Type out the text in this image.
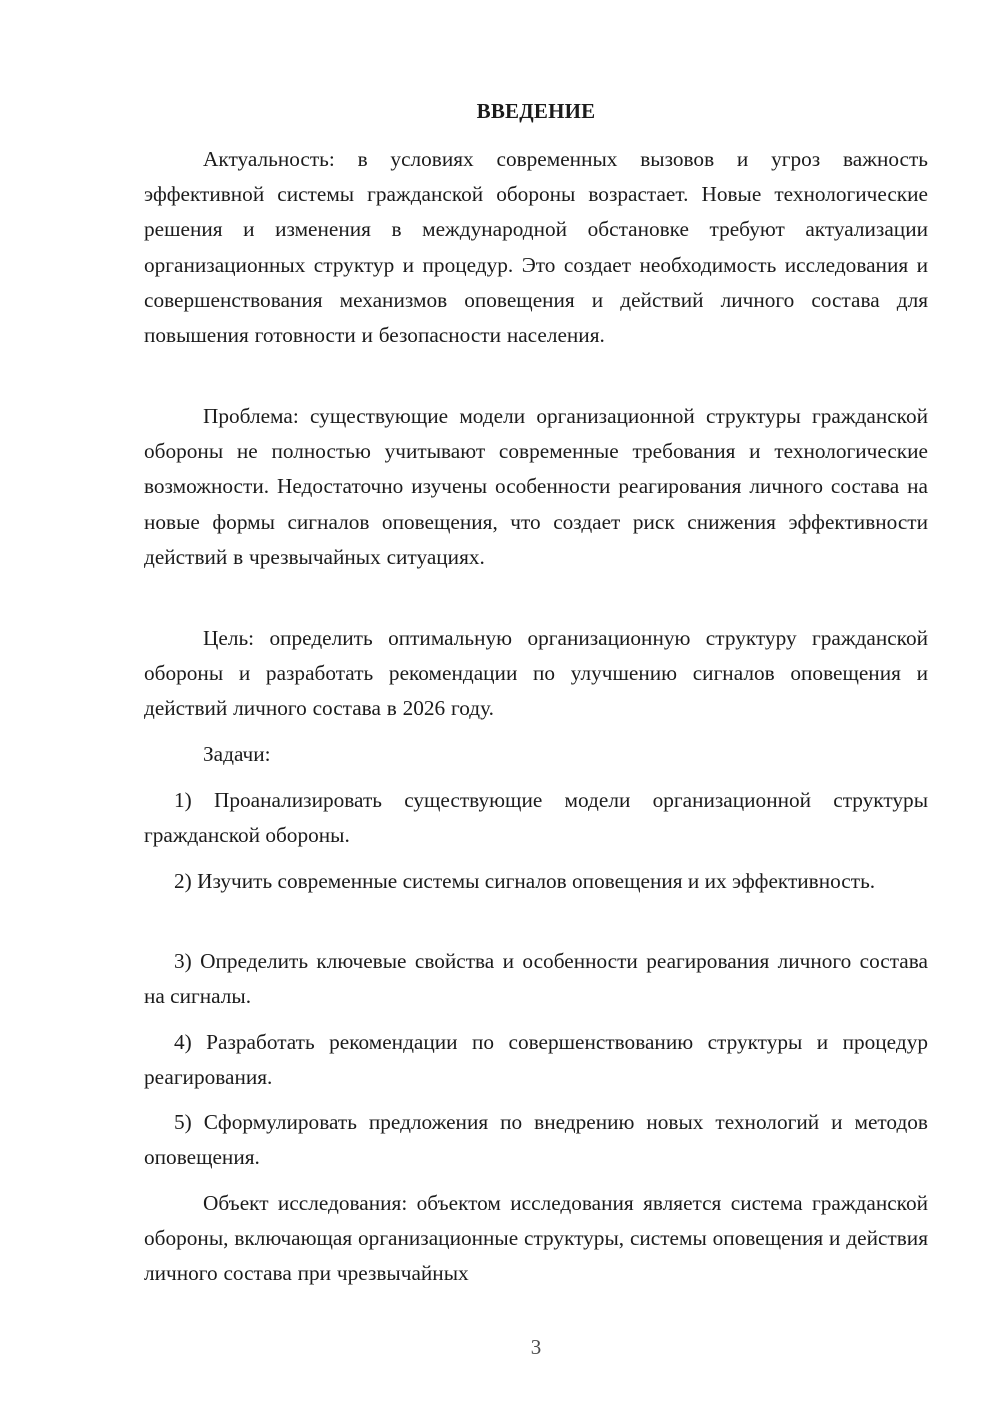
ВВЕДЕНИЕ

Актуальность: в условиях современных вызовов и угроз важность эффективной системы гражданской обороны возрастает. Новые технологические решения и изменения в международной обстановке требуют актуализации организационных структур и процедур. Это создает необходимость исследования и совершенствования механизмов оповещения и действий личного состава для повышения готовности и безопасности населения.

Проблема: существующие модели организационной структуры гражданской обороны не полностью учитывают современные требования и технологические возможности. Недостаточно изучены особенности реагирования личного состава на новые формы сигналов оповещения, что создает риск снижения эффективности действий в чрезвычайных ситуациях.

Цель: определить оптимальную организационную структуру гражданской обороны и разработать рекомендации по улучшению сигналов оповещения и действий личного состава в 2026 году.

Задачи:

1) Проанализировать существующие модели организационной структуры гражданской обороны.

2) Изучить современные системы сигналов оповещения и их эффективность.

3) Определить ключевые свойства и особенности реагирования личного состава на сигналы.

4) Разработать рекомендации по совершенствованию структуры и процедур реагирования.

5) Сформулировать предложения по внедрению новых технологий и методов оповещения.

Объект исследования: объектом исследования является система гражданской обороны, включающая организационные структуры, системы оповещения и действия личного состава при чрезвычайных

3
